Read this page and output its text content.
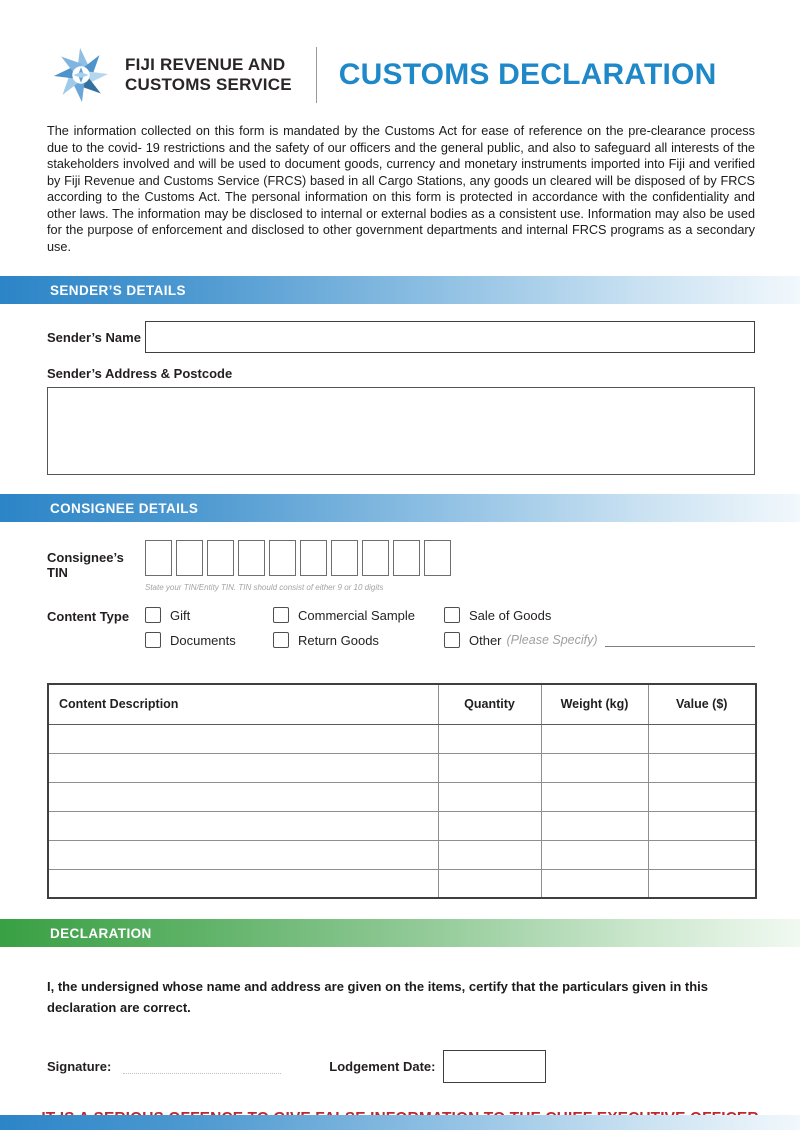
FIJI REVENUE AND
CUSTOMS SERVICE CUSTOMS DECLARATION

The information collected on this form is mandated by the Customs Act for ease of reference on the pre-clearance process due to the covid- 19 restrictions and the safety of our officers and the general public, and also to safeguard all interests of the stakeholders involved and will be used to document goods, currency and monetary instruments imported into Fiji and verified by Fiji Revenue and Customs Service (FRCS) based in all Cargo Stations, any goods un cleared will be disposed of by FRCS according to the Customs Act. The personal information on this form is protected in accordance with the confidentiality and other laws. The information may be disclosed to internal or external bodies as a consistent use. Information may also be used for the purpose of enforcement and disclosed to other government departments and internal FRCS programs as a secondary use.

SENDER’S DETAILS
Sender’s Name
Sender’s Address & Postcode
CONSIGNEE DETAILS
Consignee’s TIN
State your TIN/Entity TIN. TIN should consist of either 9 or 10 digits
Content Type	Gift	Commercial Sample	Sale of Goods
Documents	Return Goods	Other (Please Specify)
Content Description	Quantity	Weight (kg)	Value ($)

DECLARATION

I, the undersigned whose name and address are given on the items, certify that the particulars given in this declaration are correct.

Signature:	Lodgement Date:
